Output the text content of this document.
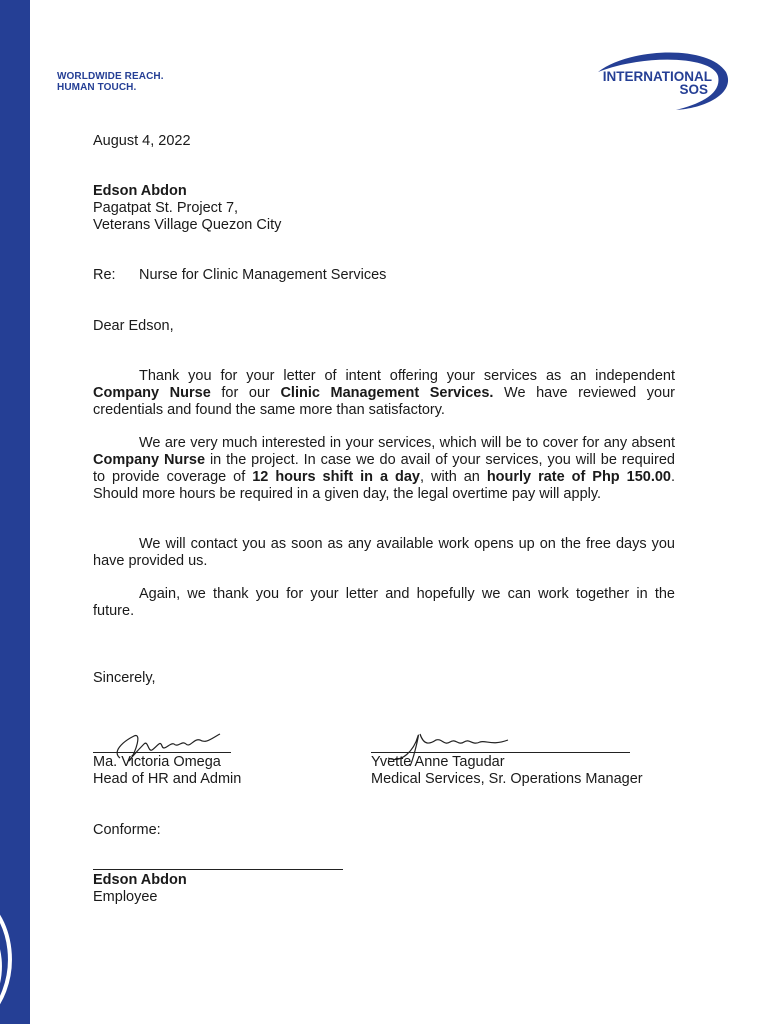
WORLDWIDE REACH.
HUMAN TOUCH.
INTERNATIONAL
SOS

August 4, 2022

Edson Abdon

Pagatpat St. Project 7,

Veterans Village Quezon City

Re: Nurse for Clinic Management Services

Dear Edson,

Thank you for your letter of intent offering your services as an independent Company Nurse for our Clinic Management Services. We have reviewed your credentials and found the same more than satisfactory.

We are very much interested in your services, which will be to cover for any absent Company Nurse in the project. In case we do avail of your services, you will be required to provide coverage of 12 hours shift in a day, with an hourly rate of Php 150.00. Should more hours be required in a given day, the legal overtime pay will apply.

We will contact you as soon as any available work opens up on the free days you have provided us.

Again, we thank you for your letter and hopefully we can work together in the future.

Sincerely,

Ma. Victoria Omega

Head of HR and Admin

Yvette Anne Tagudar

Medical Services, Sr. Operations Manager

Conforme:

Edson Abdon

Employee
